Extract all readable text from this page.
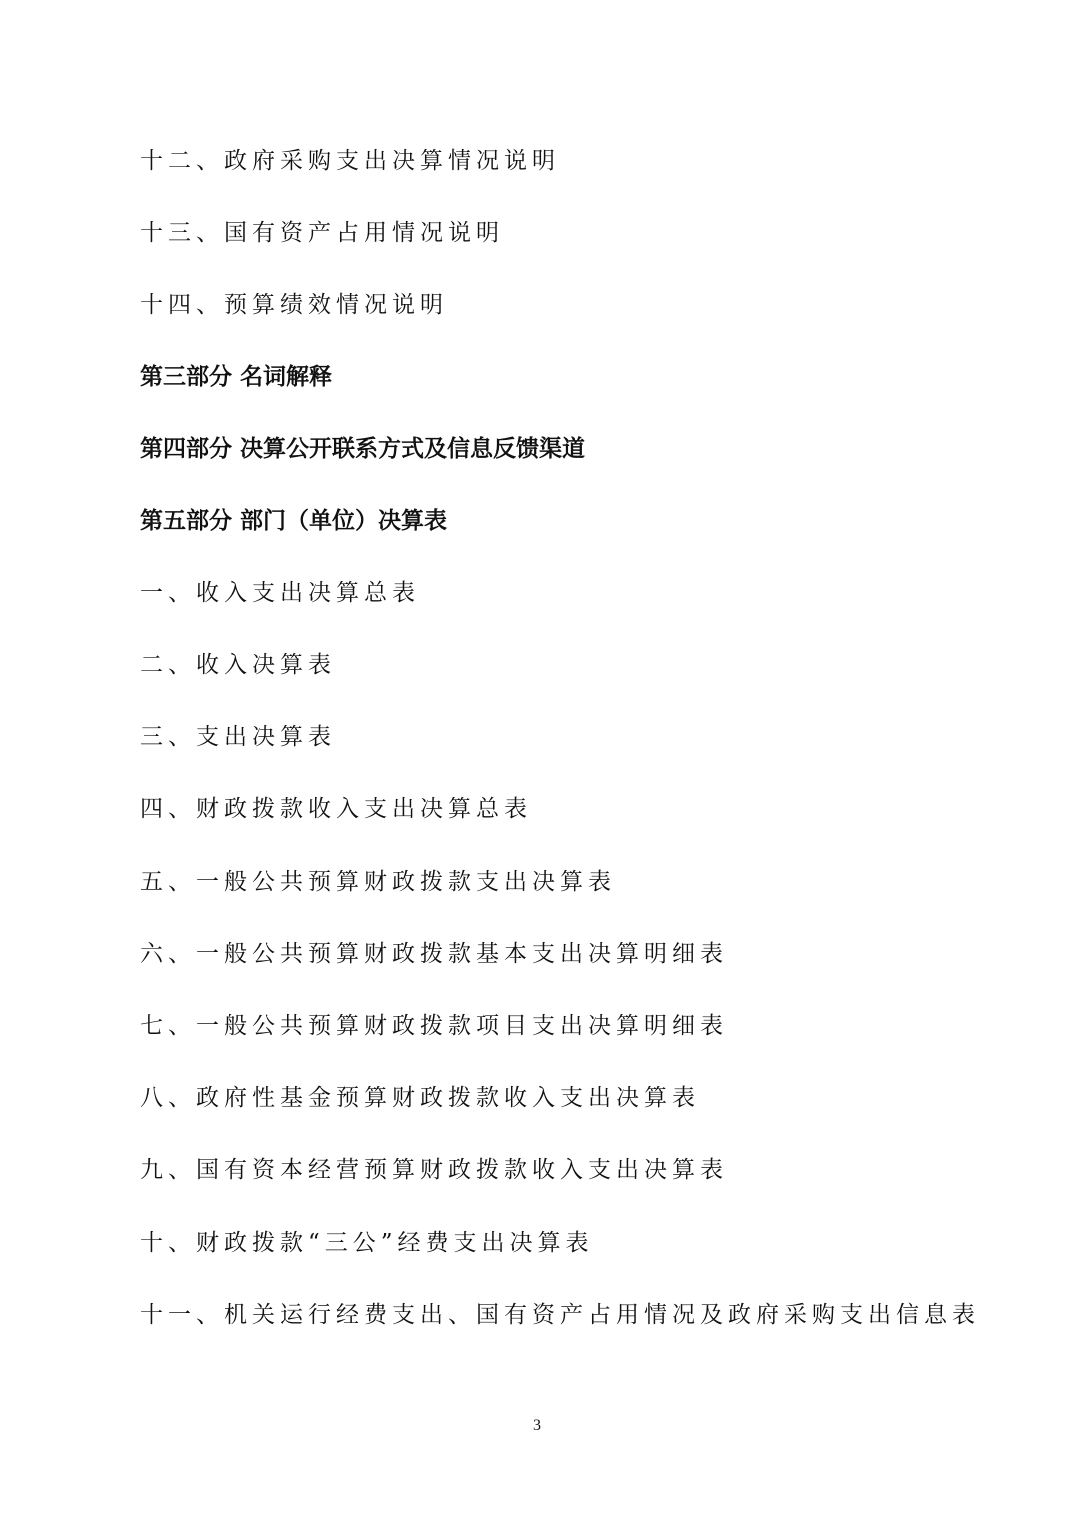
十二、政府采购支出决算情况说明
十三、国有资产占用情况说明
十四、预算绩效情况说明
第三部分 名词解释
第四部分 决算公开联系方式及信息反馈渠道
第五部分 部门（单位）决算表
一、收入支出决算总表
二、收入决算表
三、支出决算表
四、财政拨款收入支出决算总表
五、一般公共预算财政拨款支出决算表
六、一般公共预算财政拨款基本支出决算明细表
七、一般公共预算财政拨款项目支出决算明细表
八、政府性基金预算财政拨款收入支出决算表
九、国有资本经营预算财政拨款收入支出决算表
十、财政拨款“三公”经费支出决算表
十一、机关运行经费支出、国有资产占用情况及政府采购支出信息表
3
